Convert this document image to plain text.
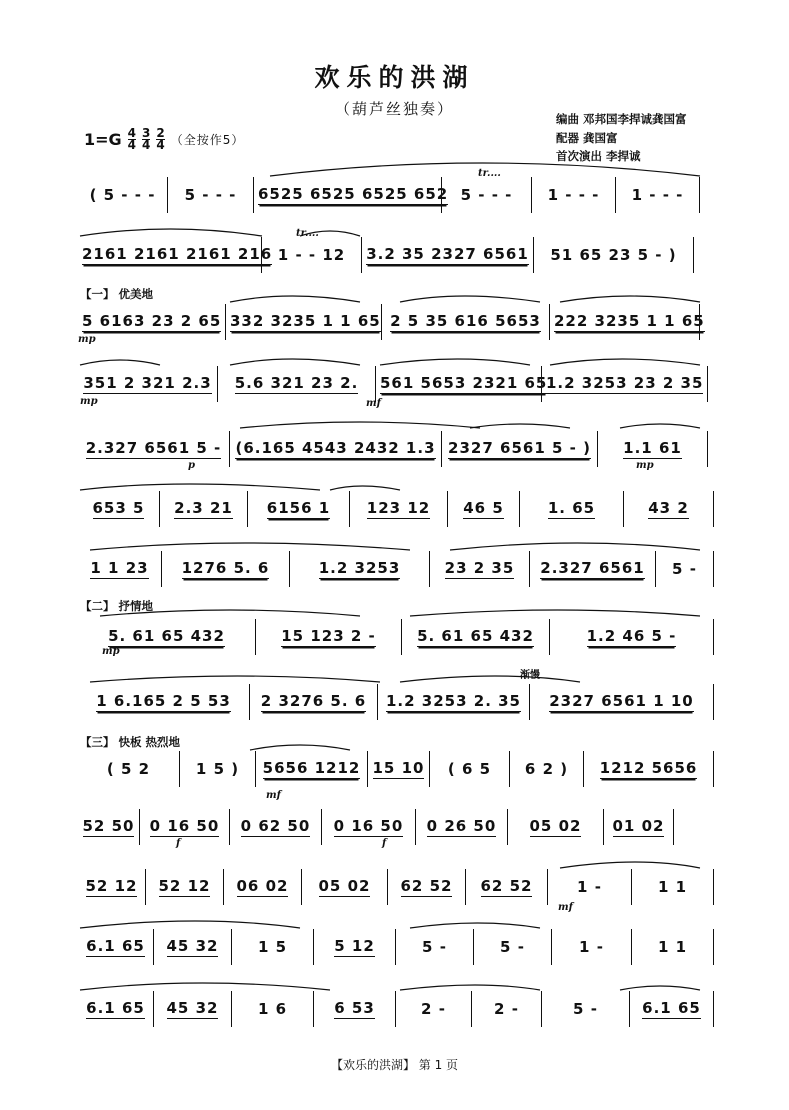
欢乐的洪湖
（葫芦丝独奏）
编曲 邓邦国李捍诚龚国富
配器 龚国富
首次演出 李捍诚
$1=G \frac{4}{4} \frac{3}{4} \frac{2}{4}$ （全按作5）
( 5 - - - 5 - - - 6525 6525 6525 652 5 - - - 1 - - - 1 - - -
tr....
2161 2161 2161 216 1 - - 12 3.2 35 2327 6561 51 65 23 5 - )
tr....
【一】 优美地
5 6163 23 2 65 332 3235 1 1 65 2 5 35 616 5653 222 3235 1 1 65
mp
351 2 321 2.3 5.6 321 23 2. 561 5653 2321 65
1.2 3253 23 2 35
mp	mf
2.327 6561 5 - (6.165 4543 2432 1.3 2327 6561 5 - ) 1.1 61
p	mp
653 5 2.3 21 6156 1 123 12 46 5	1. 65	43 2
1 1 23 1276 5. 6	1.2 3253	23 2 35 2.327 6561 5 -
【二】 抒情地
5. 61 65 432	15 123 2 -	5. 61 65 432	1.2 46 5 -
mp
渐慢
1 6.165 2 5 53 2 3276 5. 6 1.2 3253 2. 35 2327 6561 1 10
【三】 快板 热烈地
( 5 2	1 5 ) 5656 1212 15 10 ( 6 5 6 2 ) 1212 5656
mf
52 50 0 16 50 0 62 50 0 16 50 0 26 50 05 02 01 02
f	f
52 12 52 12 06 02 05 02 62 52 62 52	1 -	1 1
mf
6.1 65 45 32	1 5	5 12	5 -	5 -	1 -	1 1
6.1 65 45 32	1 6	6 53	2 -	2 -	5 -	6.1 65
【欢乐的洪湖】 第 1 页
